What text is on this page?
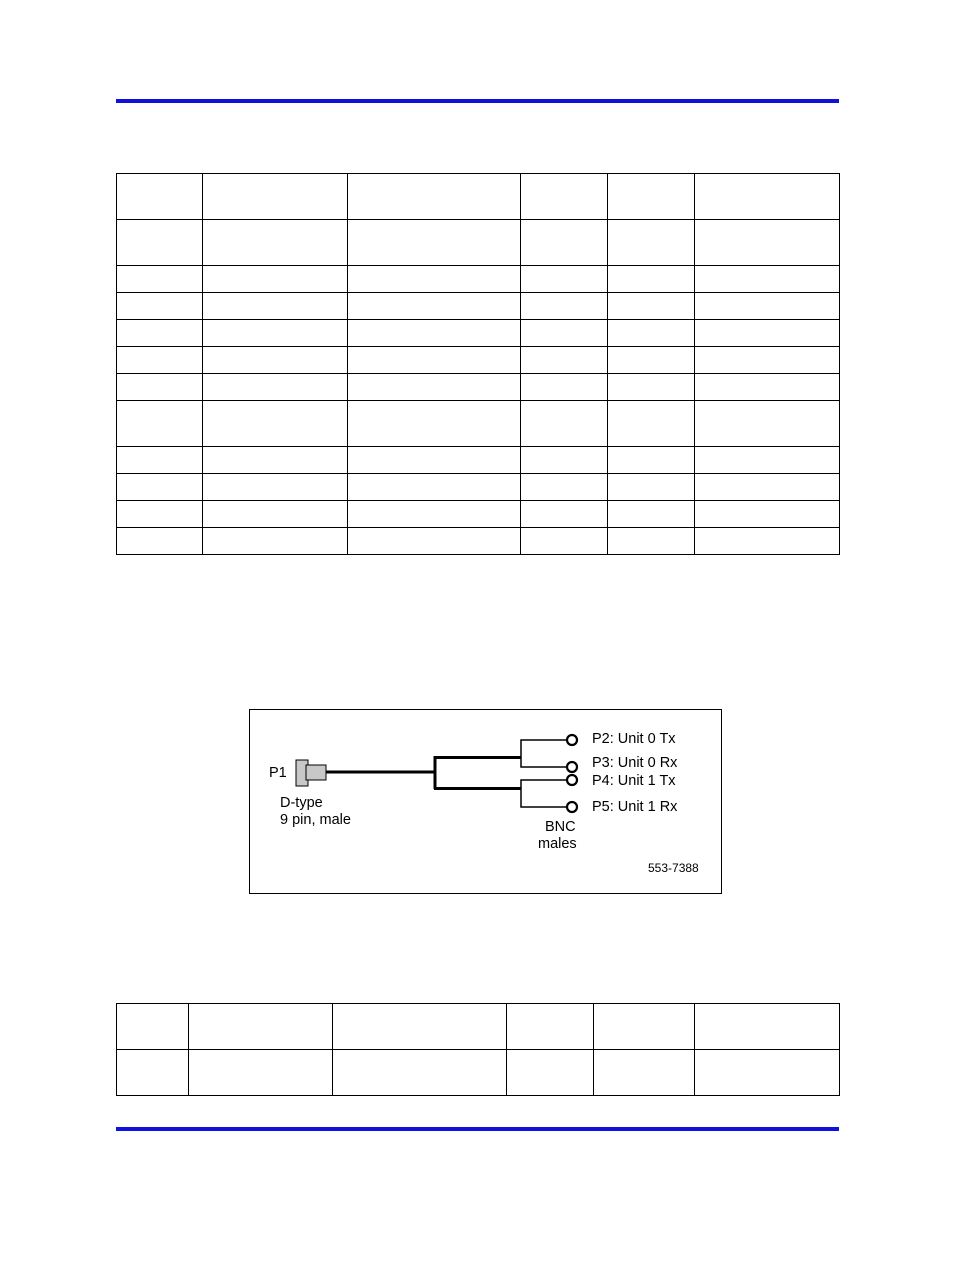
P1
D-type
9 pin, male
P2: Unit 0 Tx
P3: Unit 0 Rx
P4: Unit 1 Tx
P5: Unit 1 Rx
BNC
males
553-7388
